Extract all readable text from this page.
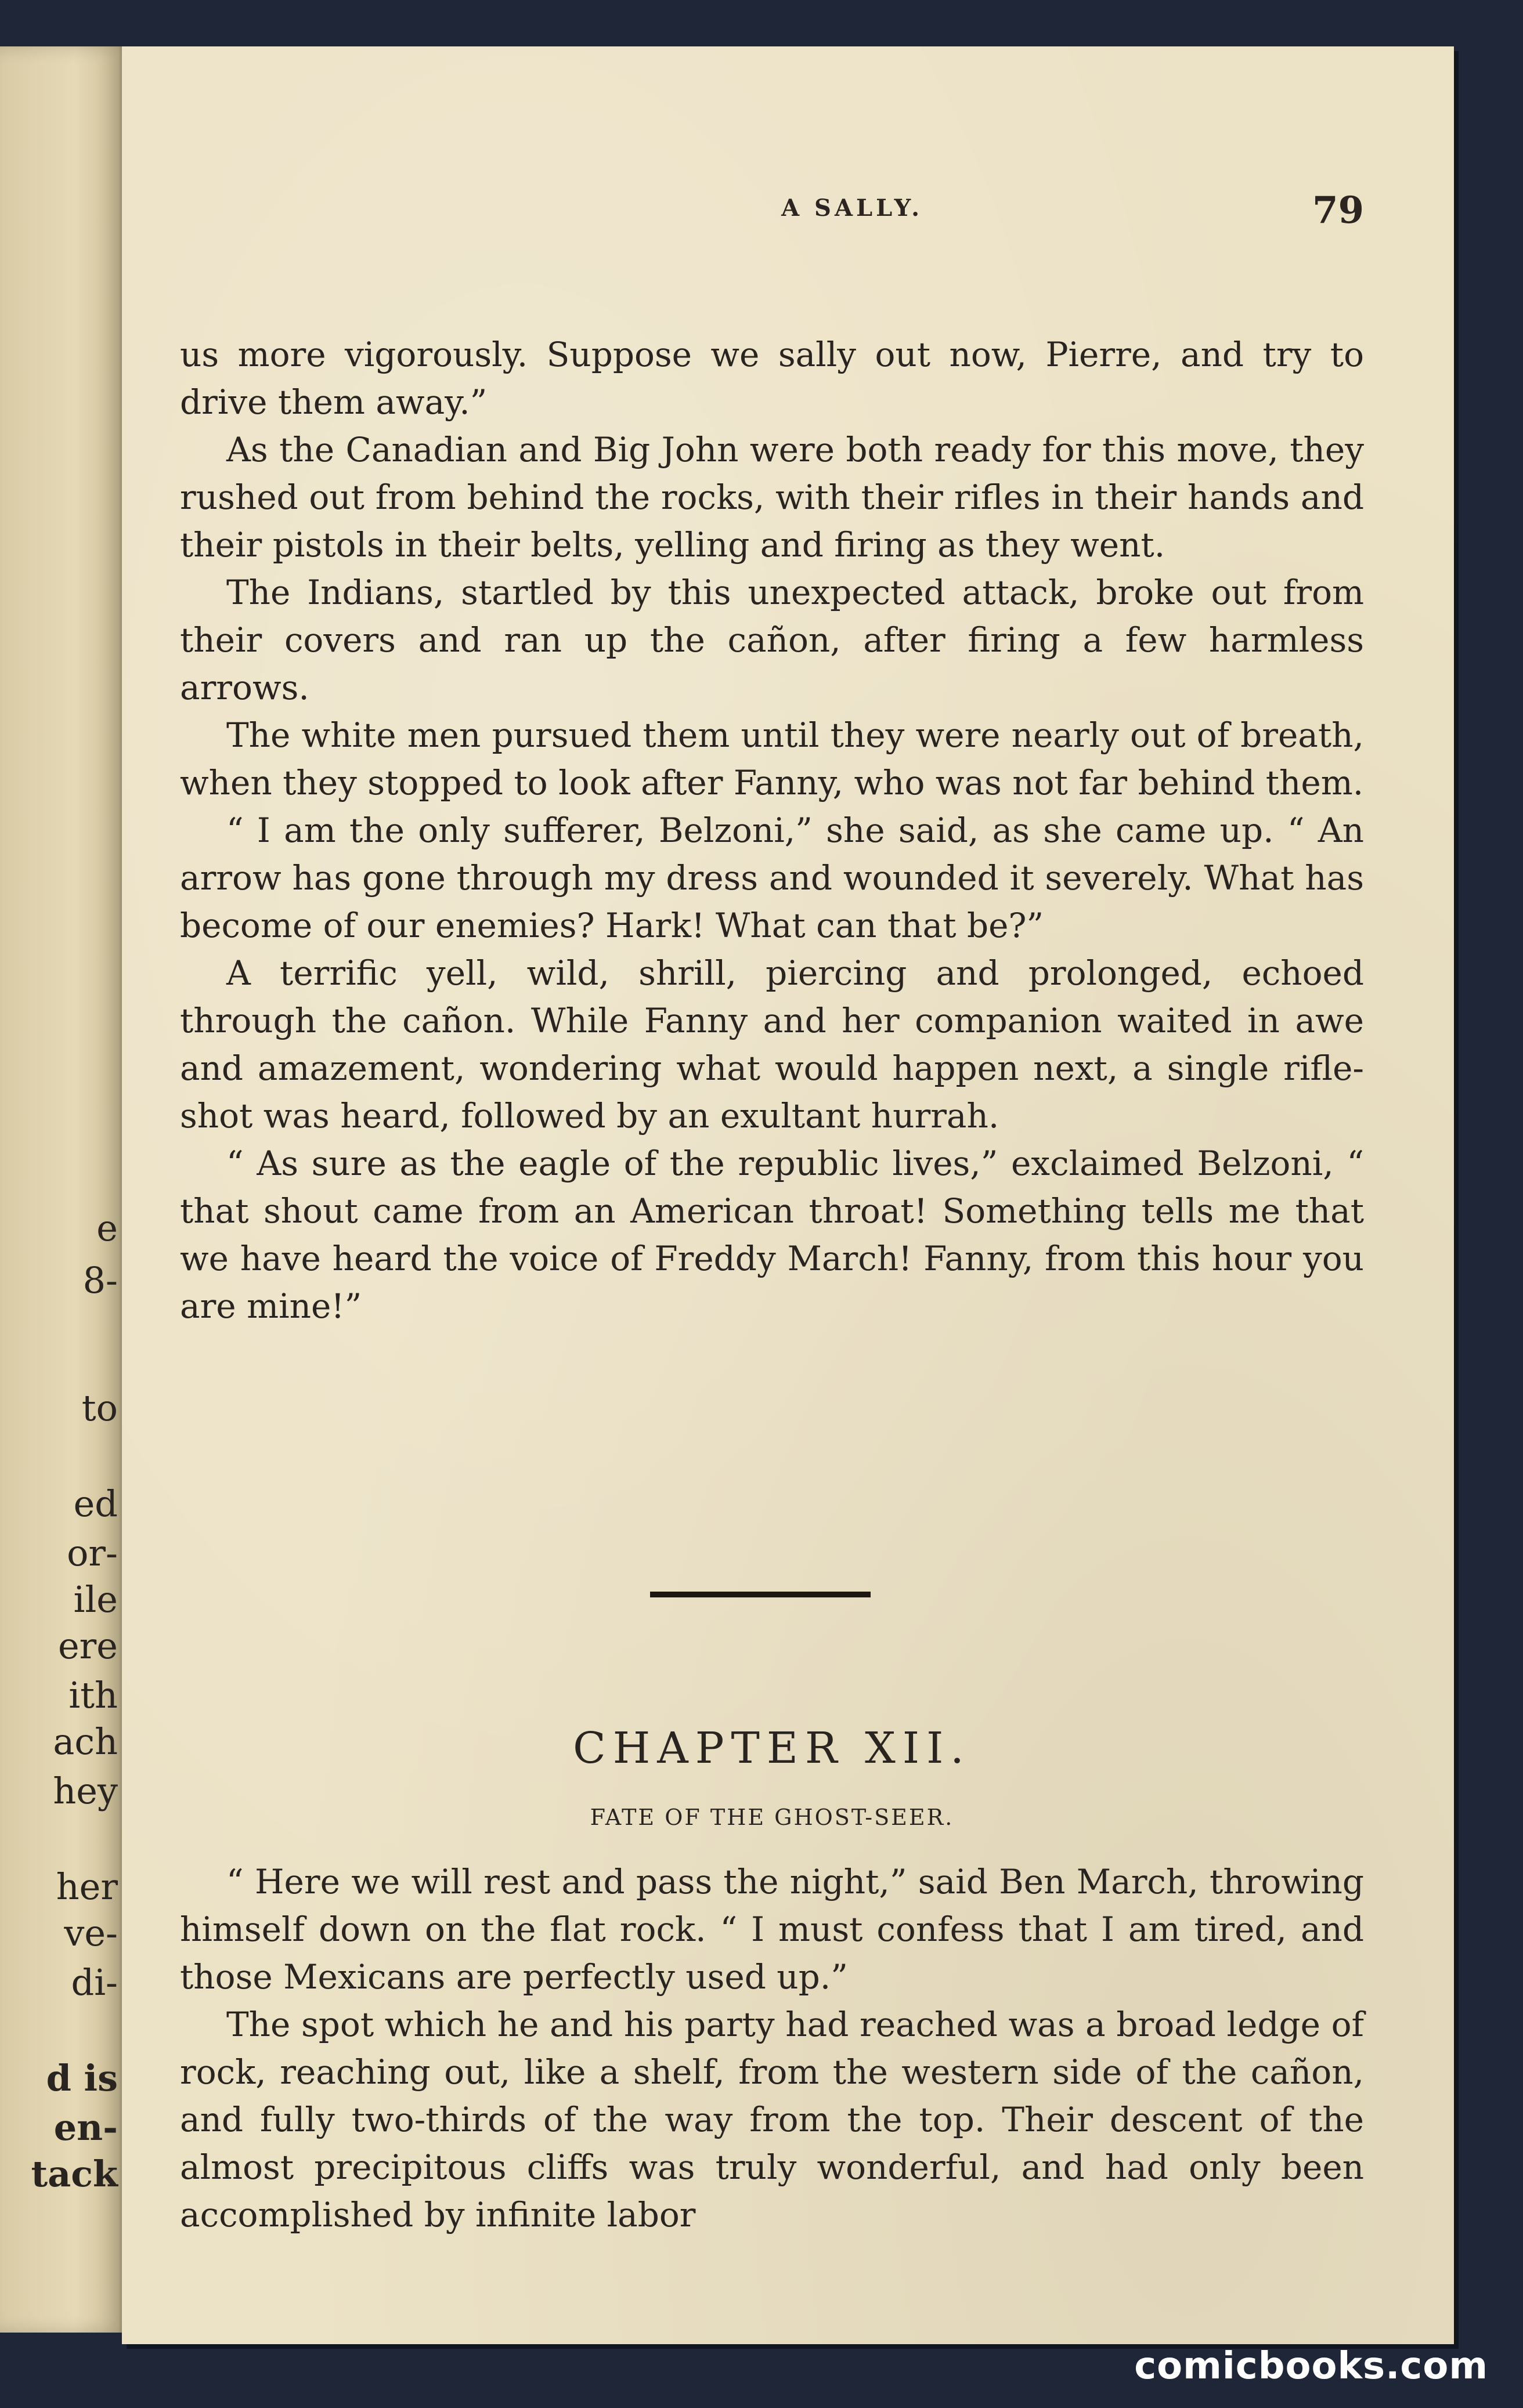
e
8-
to
ed
or-
ile
ere
ith
ach
hey
her
ve-
di-
d is
en-
tack
A SALLY.	79

us more vigorously. Suppose we sally out now, Pierre, and try to drive them away.”

As the Canadian and Big John were both ready for this move, they rushed out from behind the rocks, with their rifles in their hands and their pistols in their belts, yelling and firing as they went.

The Indians, startled by this unexpected attack, broke out from their covers and ran up the cañon, after firing a few harmless arrows.

The white men pursued them until they were nearly out of breath, when they stopped to look after Fanny, who was not far behind them.

“ I am the only sufferer, Belzoni,” she said, as she came up. “ An arrow has gone through my dress and wounded it severely. What has become of our enemies? Hark! What can that be?”

A terrific yell, wild, shrill, piercing and prolonged, echoed through the cañon. While Fanny and her companion waited in awe and amazement, wondering what would happen next, a single rifle-shot was heard, followed by an exultant hurrah.

“ As sure as the eagle of the republic lives,” exclaimed Belzoni, “ that shout came from an American throat! Something tells me that we have heard the voice of Freddy March! Fanny, from this hour you are mine!”

CHAPTER XII.
FATE OF THE GHOST-SEER.

“ Here we will rest and pass the night,” said Ben March, throwing himself down on the flat rock. “ I must confess that I am tired, and those Mexicans are perfectly used up.”

The spot which he and his party had reached was a broad ledge of rock, reaching out, like a shelf, from the western side of the cañon, and fully two-thirds of the way from the top. Their descent of the almost precipitous cliffs was truly wonderful, and had only been accomplished by infinite labor

comicbooks.com
